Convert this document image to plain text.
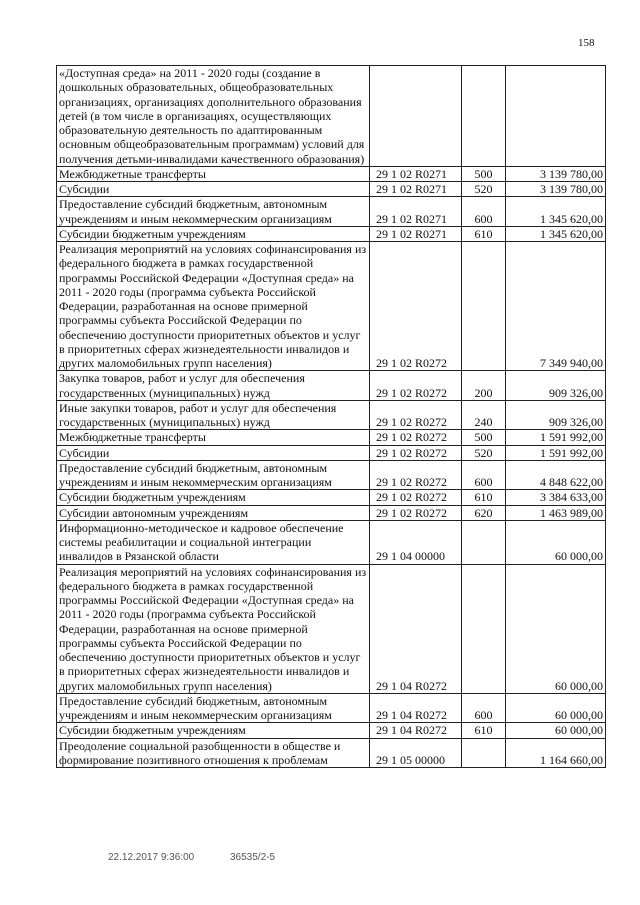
158
«Доступная среда» на 2011 - 2020 годы (создание в дошкольных образовательных, общеобразовательных организациях, организациях дополнительного образования детей (в том числе в организациях, осуществляющих образовательную деятельность по адаптированным основным общеобразовательным программам) условий для получения детьми-инвалидами качественного образования)			
Межбюджетные трансферты	29 1 02 R0271	500	3 139 780,00
Субсидии	29 1 02 R0271	520	3 139 780,00
Предоставление субсидий бюджетным, автономным учреждениям и иным некоммерческим организациям	29 1 02 R0271	600	1 345 620,00
Субсидии бюджетным учреждениям	29 1 02 R0271	610	1 345 620,00
Реализация мероприятий на условиях софинансирования из федерального бюджета в рамках государственной программы Российской Федерации «Доступная среда» на 2011 - 2020 годы (программа субъекта Российской Федерации, разработанная на основе примерной программы субъекта Российской Федерации по обеспечению доступности приоритетных объектов и услуг в приоритетных сферах жизнедеятельности инвалидов и других маломобильных групп населения)	29 1 02 R0272		7 349 940,00
Закупка товаров, работ и услуг для обеспечения государственных (муниципальных) нужд	29 1 02 R0272	200	909 326,00
Иные закупки товаров, работ и услуг для обеспечения государственных (муниципальных) нужд	29 1 02 R0272	240	909 326,00
Межбюджетные трансферты	29 1 02 R0272	500	1 591 992,00
Субсидии	29 1 02 R0272	520	1 591 992,00
Предоставление субсидий бюджетным, автономным учреждениям и иным некоммерческим организациям	29 1 02 R0272	600	4 848 622,00
Субсидии бюджетным учреждениям	29 1 02 R0272	610	3 384 633,00
Субсидии автономным учреждениям	29 1 02 R0272	620	1 463 989,00
Информационно-методическое и кадровое обеспечение системы реабилитации и социальной интеграции инвалидов в Рязанской области	29 1 04 00000		60 000,00
Реализация мероприятий на условиях софинансирования из федерального бюджета в рамках государственной программы Российской Федерации «Доступная среда» на 2011 - 2020 годы (программа субъекта Российской Федерации, разработанная на основе примерной программы субъекта Российской Федерации по обеспечению доступности приоритетных объектов и услуг в приоритетных сферах жизнедеятельности инвалидов и других маломобильных групп населения)	29 1 04 R0272		60 000,00
Предоставление субсидий бюджетным, автономным учреждениям и иным некоммерческим организациям	29 1 04 R0272	600	60 000,00
Субсидии бюджетным учреждениям	29 1 04 R0272	610	60 000,00
Преодоление социальной разобщенности в обществе и формирование позитивного отношения к проблемам	29 1 05 00000		1 164 660,00
22.12.2017 9:36:00	36535/2-5
